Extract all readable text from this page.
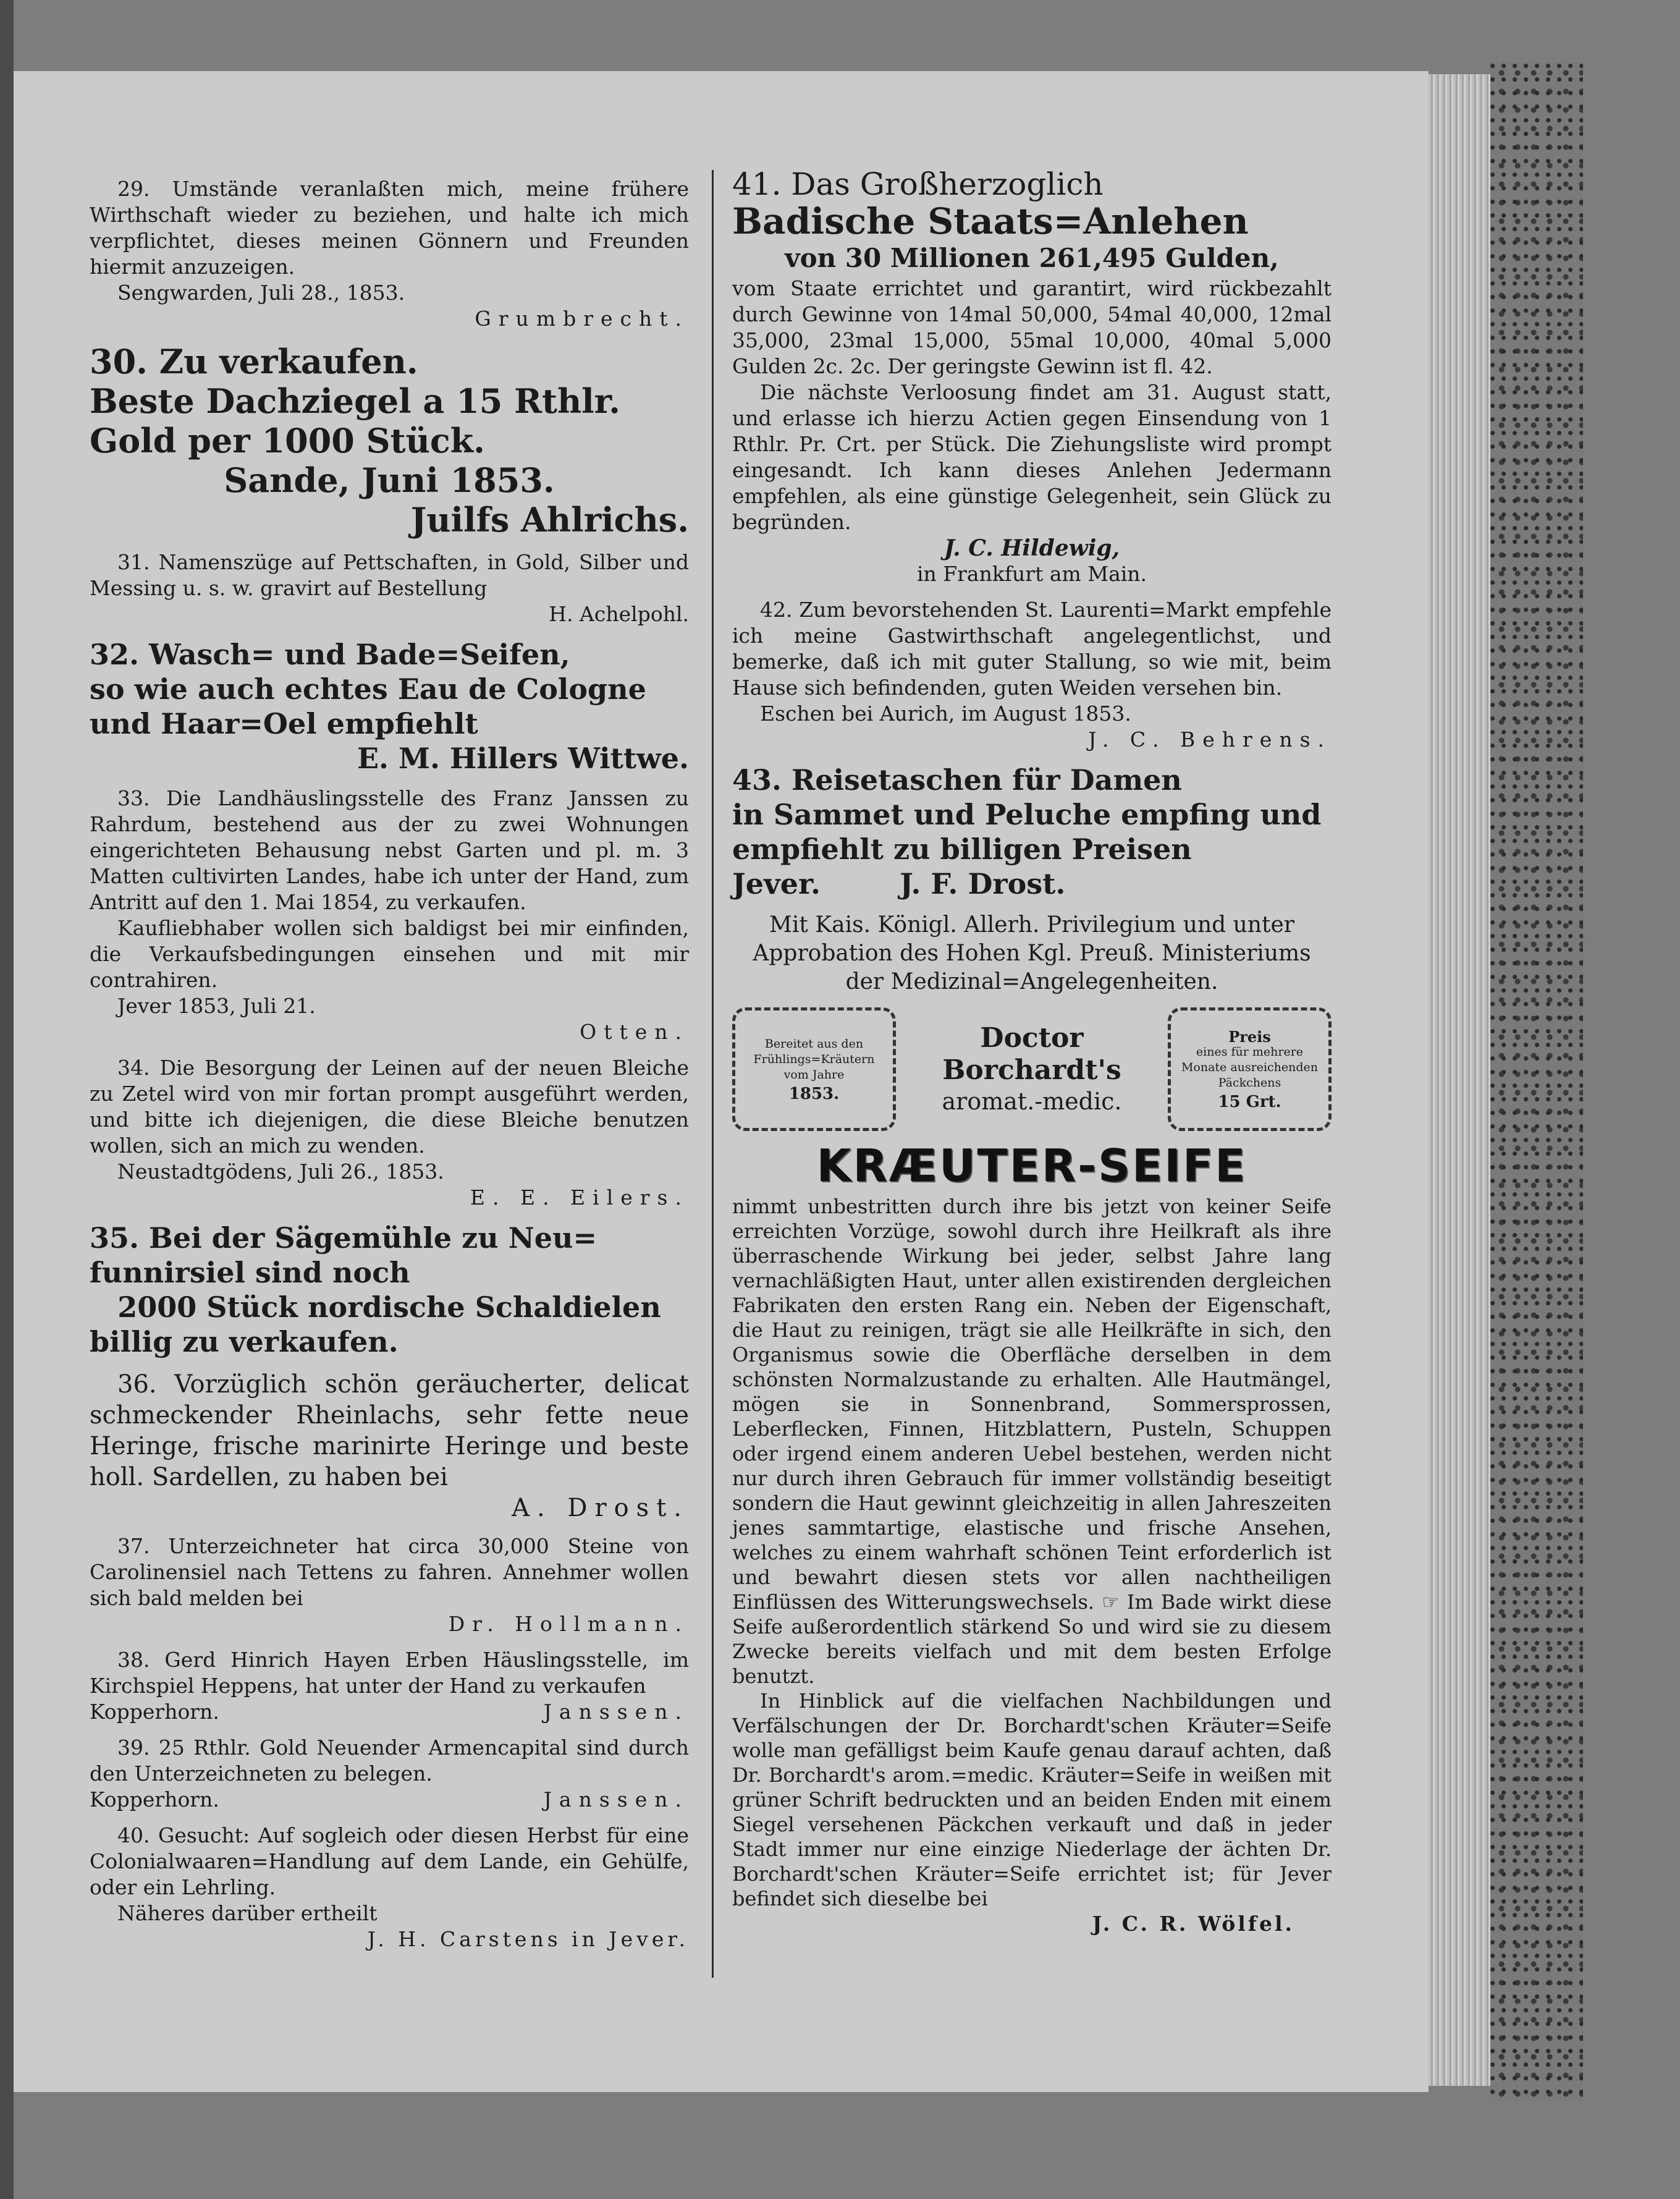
29. Umstände veranlaßten mich, meine frühere Wirthschaft wieder zu beziehen, und halte ich mich verpflichtet, dieses meinen Gönnern und Freunden hiermit anzuzeigen.

Sengwarden, Juli 28., 1853.

Grumbrecht.

30. Zu verkaufen.

Beste Dachziegel a 15 Rthlr.

Gold per 1000 Stück.

Sande, Juni 1853.

Juilfs Ahlrichs.

31. Namenszüge auf Pettschaften, in Gold, Silber und Messing u. s. w. gravirt auf Bestellung

H. Achelpohl.

32. Wasch= und Bade=Seifen,

so wie auch echtes Eau de Cologne

und Haar=Oel empfiehlt

E. M. Hillers Wittwe.

33. Die Landhäuslingsstelle des Franz Janssen zu Rahrdum, bestehend aus der zu zwei Wohnungen eingerichteten Behausung nebst Garten und pl. m. 3 Matten cultivirten Landes, habe ich unter der Hand, zum Antritt auf den 1. Mai 1854, zu verkaufen.

Kaufliebhaber wollen sich baldigst bei mir einfinden, die Verkaufsbedingungen einsehen und mit mir contrahiren.

Jever 1853, Juli 21.

Otten.

34. Die Besorgung der Leinen auf der neuen Bleiche zu Zetel wird von mir fortan prompt ausgeführt werden, und bitte ich diejenigen, die diese Bleiche benutzen wollen, sich an mich zu wenden.

Neustadtgödens, Juli 26., 1853.

E. E. Eilers.

35. Bei der Sägemühle zu Neu=

funnirsiel sind noch

2000 Stück nordische Schaldielen

billig zu verkaufen.

36. Vorzüglich schön geräucherter, delicat schmeckender Rheinlachs, sehr fette neue Heringe, frische marinirte Heringe und beste holl. Sardellen, zu haben bei

A. Drost.

37. Unterzeichneter hat circa 30,000 Steine von Carolinensiel nach Tettens zu fahren. Annehmer wollen sich bald melden bei

Dr. Hollmann.

38. Gerd Hinrich Hayen Erben Häuslingsstelle, im Kirchspiel Heppens, hat unter der Hand zu verkaufen

Kopperhorn.	Janssen.

39. 25 Rthlr. Gold Neuender Armencapital sind durch den Unterzeichneten zu belegen.

Kopperhorn.	Janssen.

40. Gesucht: Auf sogleich oder diesen Herbst für eine Colonialwaaren=Handlung auf dem Lande, ein Gehülfe, oder ein Lehrling.

Näheres darüber ertheilt

J. H. Carstens in Jever.

41. Das Großherzoglich

Badische Staats=Anlehen

von 30 Millionen 261,495 Gulden,

vom Staate errichtet und garantirt, wird rückbezahlt durch Gewinne von 14mal 50,000, 54mal 40,000, 12mal 35,000, 23mal 15,000, 55mal 10,000, 40mal 5,000 Gulden 2c. 2c. Der geringste Gewinn ist fl. 42.

Die nächste Verloosung findet am 31. August statt, und erlasse ich hierzu Actien gegen Einsendung von 1 Rthlr. Pr. Crt. per Stück. Die Ziehungsliste wird prompt eingesandt. Ich kann dieses Anlehen Jedermann empfehlen, als eine günstige Gelegenheit, sein Glück zu begründen.

J. C. Hildewig,

in Frankfurt am Main.

42. Zum bevorstehenden St. Laurenti=Markt empfehle ich meine Gastwirthschaft angelegentlichst, und bemerke, daß ich mit guter Stallung, so wie mit, beim Hause sich befindenden, guten Weiden versehen bin.

Eschen bei Aurich, im August 1853.

J. C. Behrens.

43. Reisetaschen für Damen

in Sammet und Peluche empfing und

empfiehlt zu billigen Preisen

Jever.        J. F. Drost.

Mit Kais. Königl. Allerh. Privilegium und unter Approbation des Hohen Kgl. Preuß. Ministeriums der Medizinal=Angelegenheiten.

Bereitet aus den
Frühlings=Kräutern
vom Jahre
1853.
Doctor
Borchardt's
aromat.-medic.
Preis
eines für mehrere
Monate ausreichenden
Päckchens
15 Grt.

KRÆUTER-SEIFE

nimmt unbestritten durch ihre bis jetzt von keiner Seife erreichten Vorzüge, sowohl durch ihre Heilkraft als ihre überraschende Wirkung bei jeder, selbst Jahre lang vernachläßigten Haut, unter allen existirenden dergleichen Fabrikaten den ersten Rang ein. Neben der Eigenschaft, die Haut zu reinigen, trägt sie alle Heilkräfte in sich, den Organismus sowie die Oberfläche derselben in dem schönsten Normalzustande zu erhalten. Alle Hautmängel, mögen sie in Sonnenbrand, Sommersprossen, Leberflecken, Finnen, Hitzblattern, Pusteln, Schuppen oder irgend einem anderen Uebel bestehen, werden nicht nur durch ihren Gebrauch für immer vollständig beseitigt sondern die Haut gewinnt gleichzeitig in allen Jahreszeiten jenes sammtartige, elastische und frische Ansehen, welches zu einem wahrhaft schönen Teint erforderlich ist und bewahrt diesen stets vor allen nachtheiligen Einflüssen des Witterungswechsels. ☞ Im Bade wirkt diese Seife außerordentlich stärkend So und wird sie zu diesem Zwecke bereits vielfach und mit dem besten Erfolge benutzt.

In Hinblick auf die vielfachen Nachbildungen und Verfälschungen der Dr. Borchardt'schen Kräuter=Seife wolle man gefälligst beim Kaufe genau darauf achten, daß Dr. Borchardt's arom.=medic. Kräuter=Seife in weißen mit grüner Schrift bedruckten und an beiden Enden mit einem Siegel versehenen Päckchen verkauft und daß in jeder Stadt immer nur eine einzige Niederlage der ächten Dr. Borchardt'schen Kräuter=Seife errichtet ist; für Jever befindet sich dieselbe bei

J. C. R. Wölfel.
